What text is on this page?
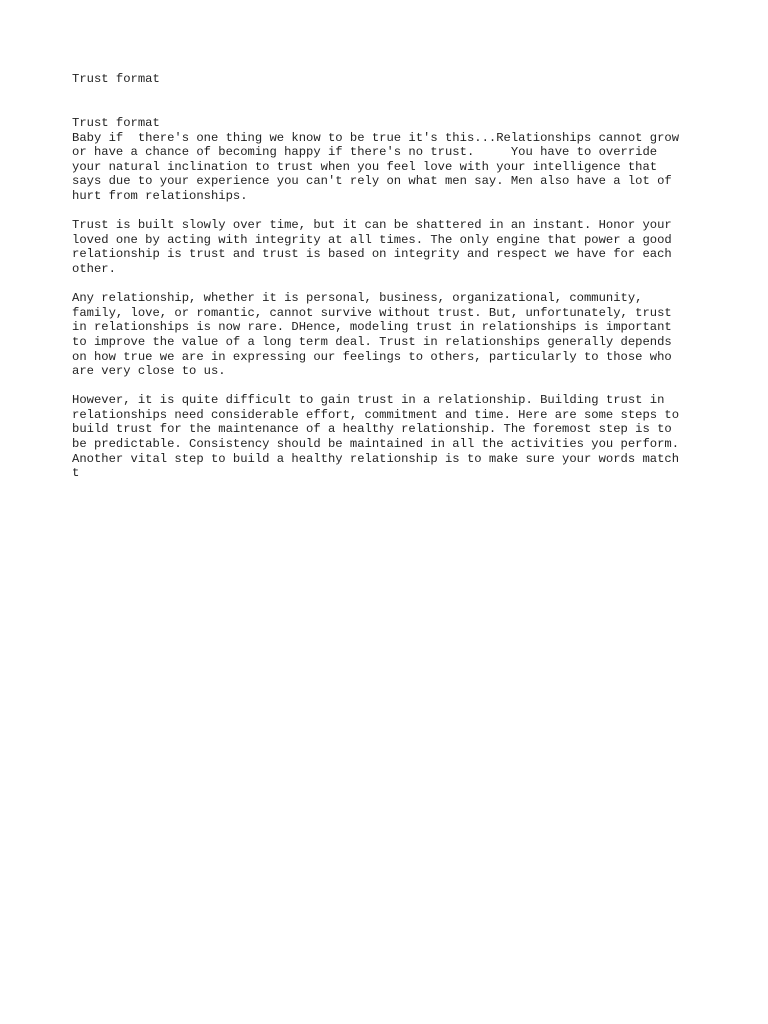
Trust format
Trust format
Baby if  there's one thing we know to be true it's this...Relationships cannot grow
or have a chance of becoming happy if there's no trust.     You have to override
your natural inclination to trust when you feel love with your intelligence that
says due to your experience you can't rely on what men say. Men also have a lot of
hurt from relationships.

Trust is built slowly over time, but it can be shattered in an instant. Honor your
loved one by acting with integrity at all times. The only engine that power a good
relationship is trust and trust is based on integrity and respect we have for each
other.

Any relationship, whether it is personal, business, organizational, community,
family, love, or romantic, cannot survive without trust. But, unfortunately, trust
in relationships is now rare. DHence, modeling trust in relationships is important
to improve the value of a long term deal. Trust in relationships generally depends
on how true we are in expressing our feelings to others, particularly to those who
are very close to us.

However, it is quite difficult to gain trust in a relationship. Building trust in
relationships need considerable effort, commitment and time. Here are some steps to
build trust for the maintenance of a healthy relationship. The foremost step is to
be predictable. Consistency should be maintained in all the activities you perform.
Another vital step to build a healthy relationship is to make sure your words match
t
